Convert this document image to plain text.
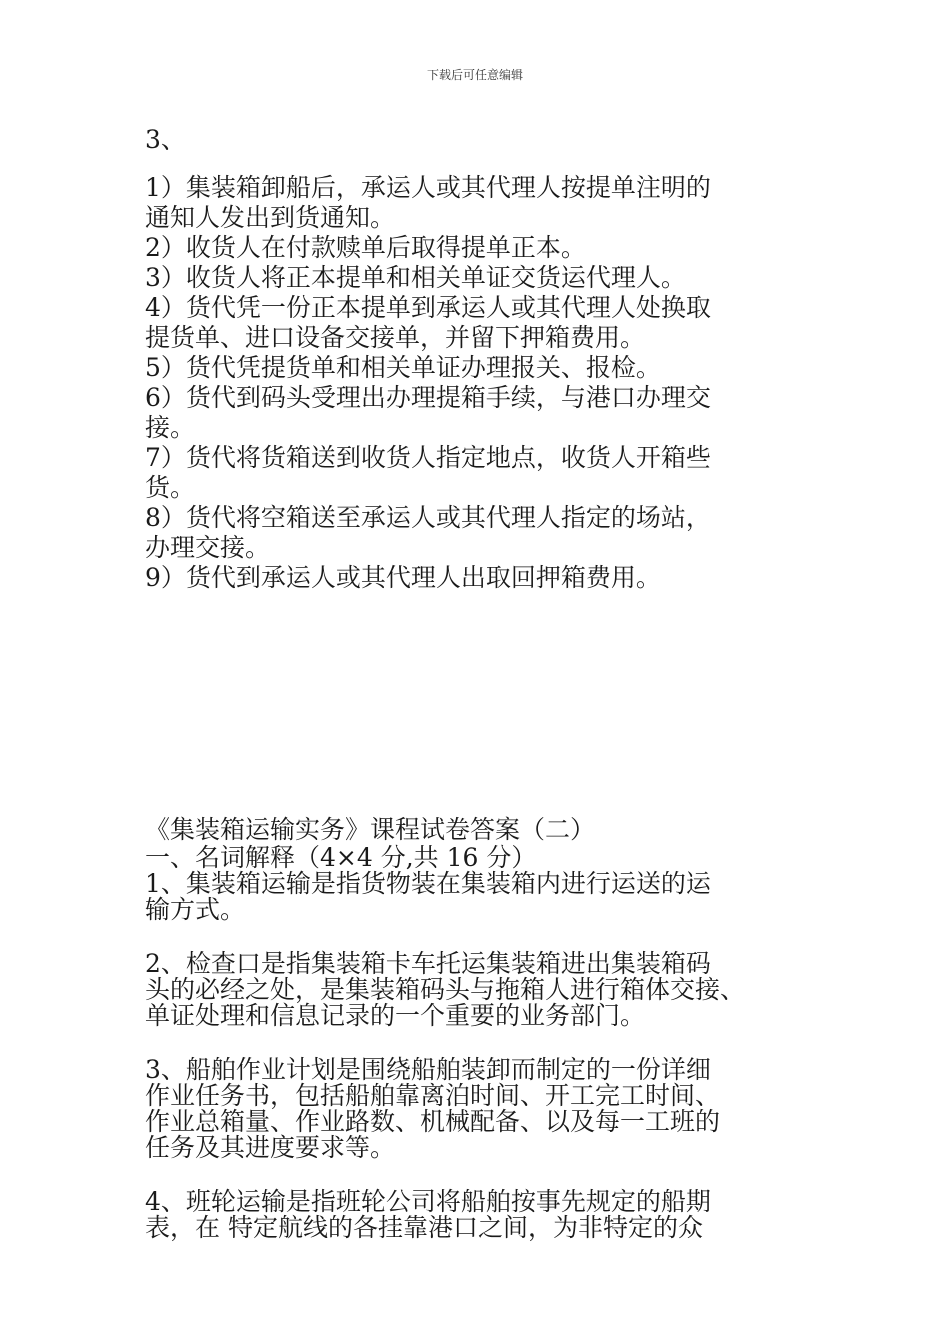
下载后可任意编辑
3、
1）集装箱卸船后，承运人或其代理人按提单注明的
通知人发出到货通知。
2）收货人在付款赎单后取得提单正本。
3）收货人将正本提单和相关单证交货运代理人。
4）货代凭一份正本提单到承运人或其代理人处换取
提货单、进口设备交接单，并留下押箱费用。
5）货代凭提货单和相关单证办理报关、报检。
6）货代到码头受理出办理提箱手续，与港口办理交
接。
7）货代将货箱送到收货人指定地点，收货人开箱些
货。
8）货代将空箱送至承运人或其代理人指定的场站，
办理交接。
9）货代到承运人或其代理人出取回押箱费用。
《集装箱运输实务》课程试卷答案（二）
一、名词解释（4×4 分,共 16 分）
1、集装箱运输是指货物装在集装箱内进行运送的运
输方式。
2、检查口是指集装箱卡车托运集装箱进出集装箱码
头的必经之处，是集装箱码头与拖箱人进行箱体交接、
单证处理和信息记录的一个重要的业务部门。
3、船舶作业计划是围绕船舶装卸而制定的一份详细
作业任务书，包括船舶靠离泊时间、开工完工时间、
作业总箱量、作业路数、机械配备、以及每一工班的
任务及其进度要求等。
4、班轮运输是指班轮公司将船舶按事先规定的船期
表，在 特定航线的各挂靠港口之间，为非特定的众
